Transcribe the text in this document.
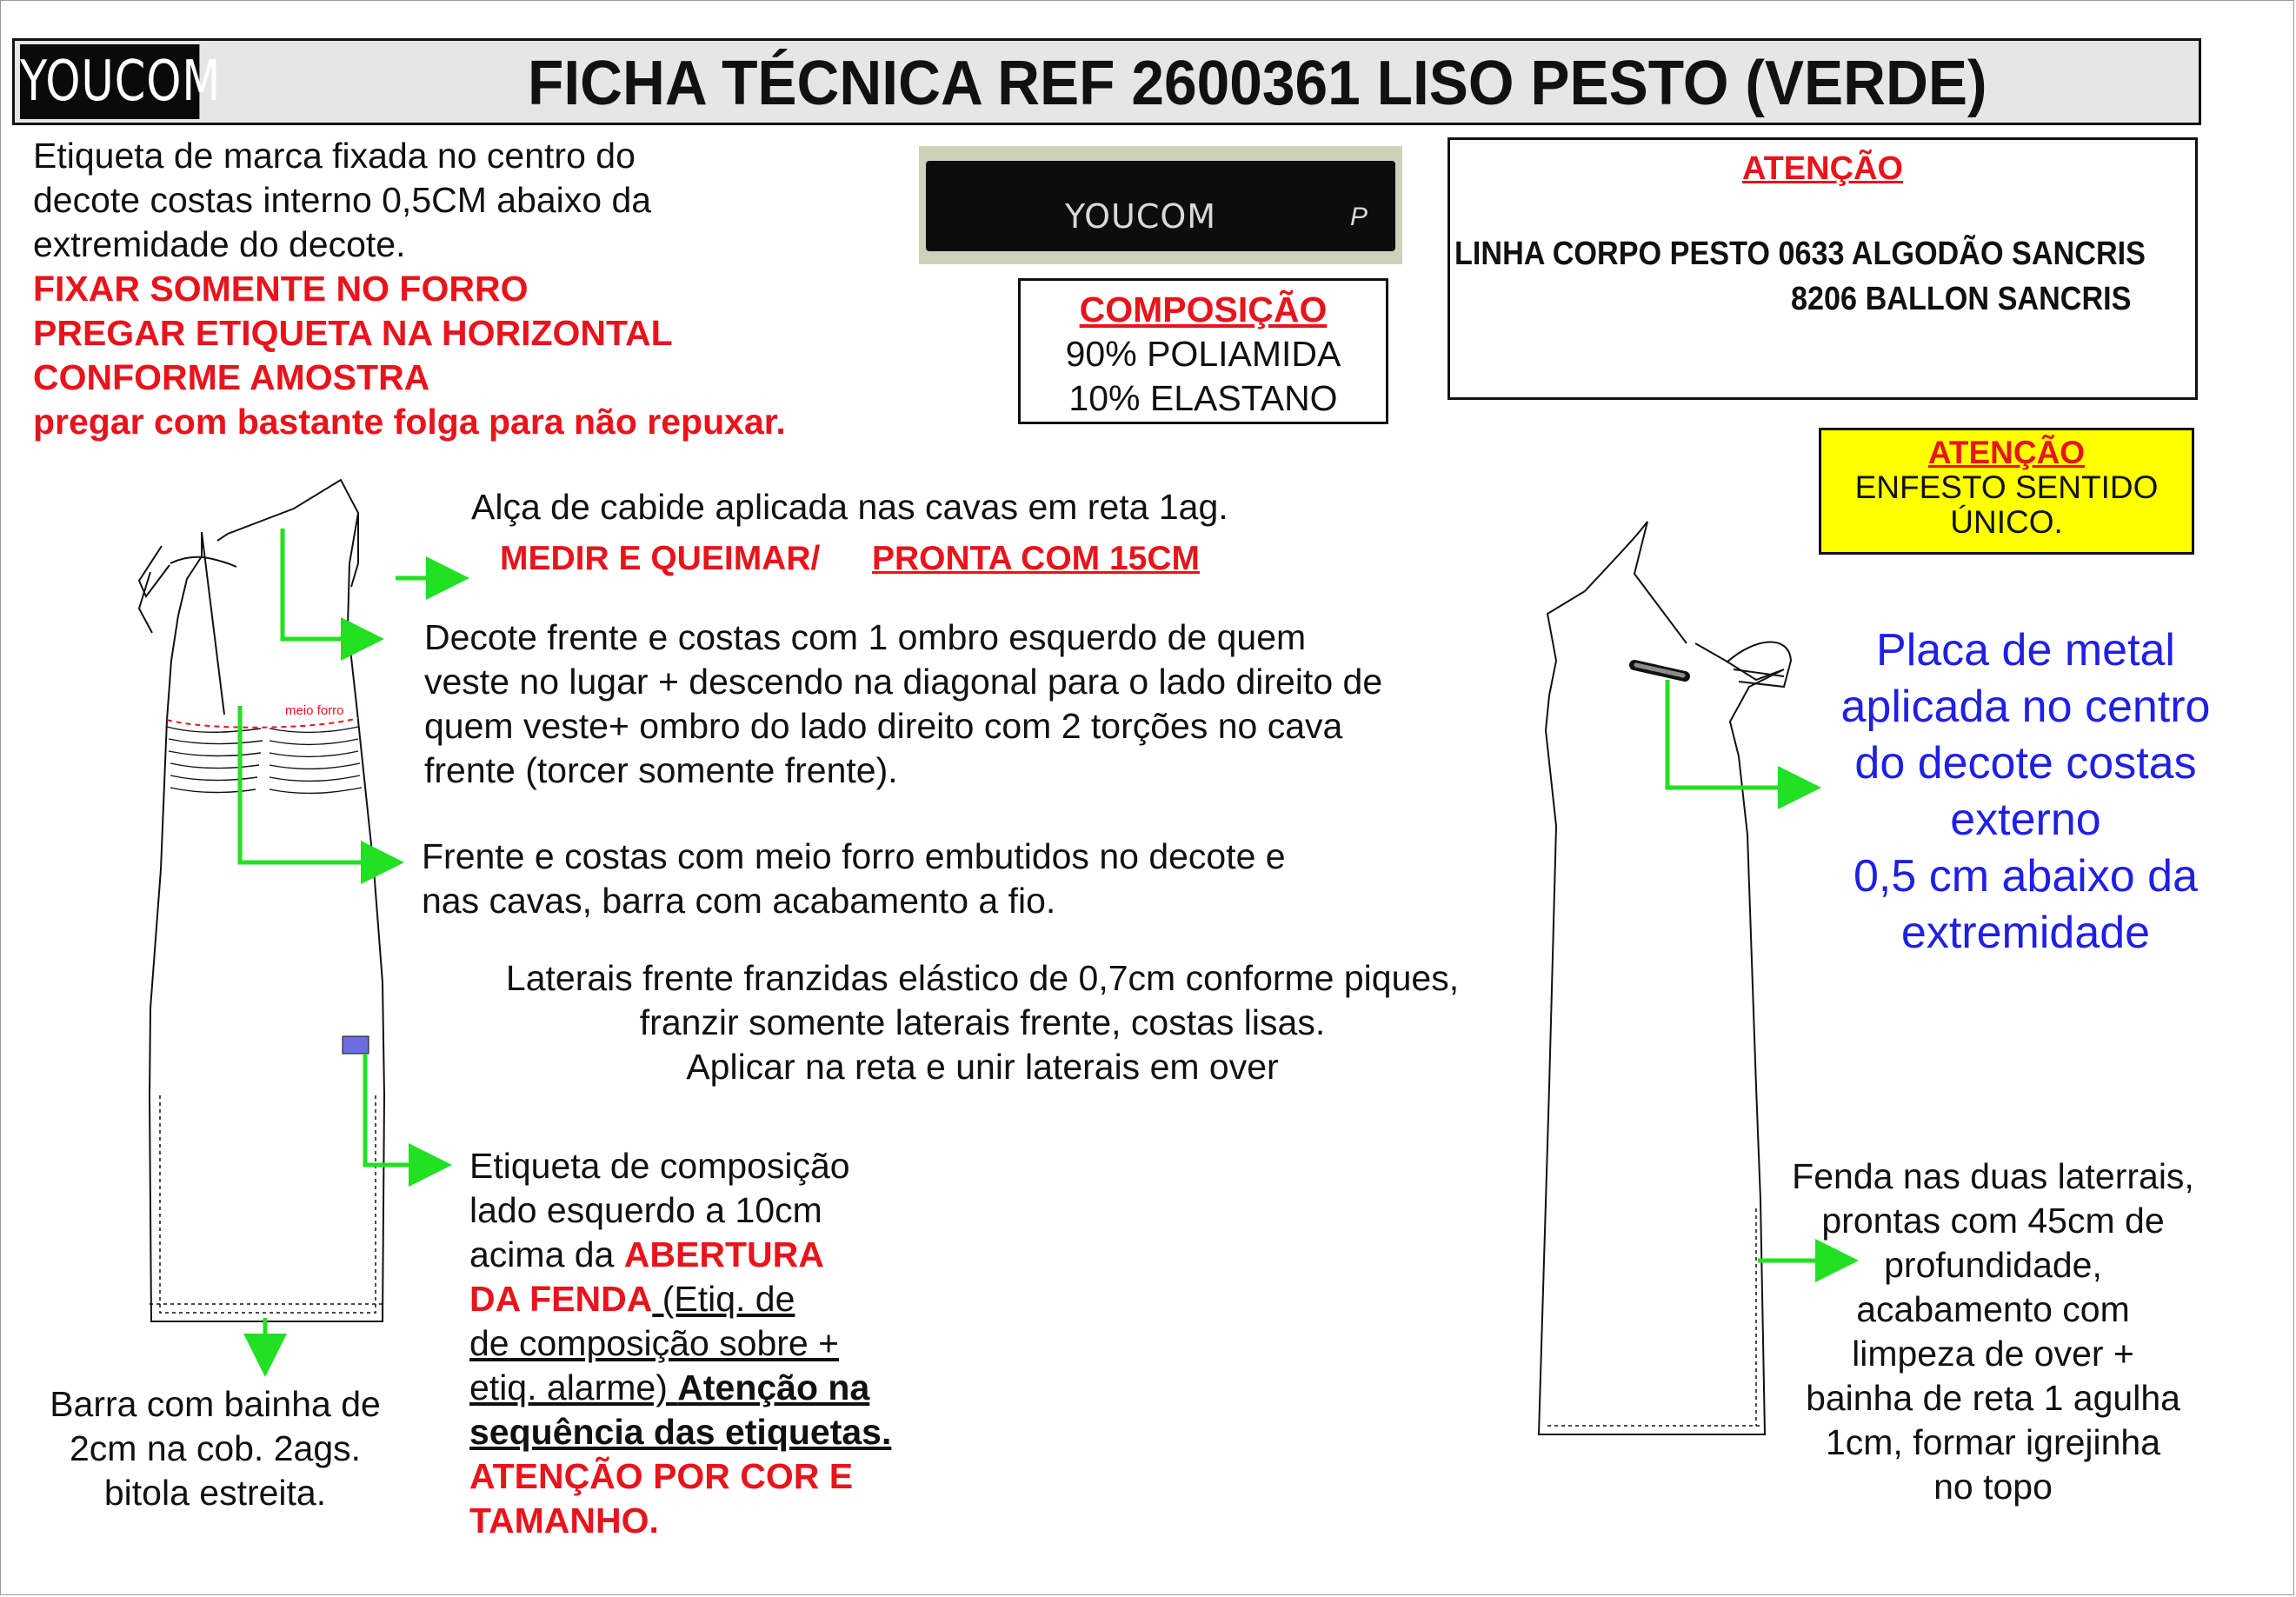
YOUCOM	FICHA TÉCNICA REF 2600361 LISO PESTO (VERDE)
Etiqueta de marca fixada no centro do
decote costas interno 0,5CM abaixo da
extremidade do decote.
FIXAR SOMENTE NO FORRO
PREGAR ETIQUETA NA HORIZONTAL
CONFORME AMOSTRA
pregar com bastante folga para não repuxar.
YOUCOM	P
COMPOSIÇÃO
90% POLIAMIDA
10% ELASTANO
ATENÇÃO
LINHA CORPO PESTO 0633 ALGODÃO SANCRIS
8206 BALLON SANCRIS
ATENÇÃO
ENFESTO SENTIDO
ÚNICO.
meio forro
Alça de cabide aplicada nas cavas em reta 1ag.
MEDIR E QUEIMAR/ PRONTA COM 15CM
Decote frente e costas com 1 ombro esquerdo de quem
veste no lugar + descendo na diagonal para o lado direito de
quem veste+ ombro do lado direito com 2 torções no cava
frente (torcer somente frente).
Frente e costas com meio forro embutidos no decote e
nas cavas, barra com acabamento a fio.
Laterais frente franzidas elástico de 0,7cm conforme piques,
franzir somente laterais frente, costas lisas.
Aplicar na reta e unir laterais em over
Etiqueta de composição
lado esquerdo a 10cm
acima da ABERTURA
DA FENDA (Etiq. de
de composição sobre +
etiq. alarme) Atenção na
sequência das etiquetas.
ATENÇÃO POR COR E
TAMANHO.
Barra com bainha de
2cm na cob. 2ags.
bitola estreita.
Placa de metal
aplicada no centro
do decote costas
externo
0,5 cm abaixo da
extremidade
Fenda nas duas laterrais,
prontas com 45cm de
profundidade,
acabamento com
limpeza de over +
bainha de reta 1 agulha
1cm, formar igrejinha
no topo
